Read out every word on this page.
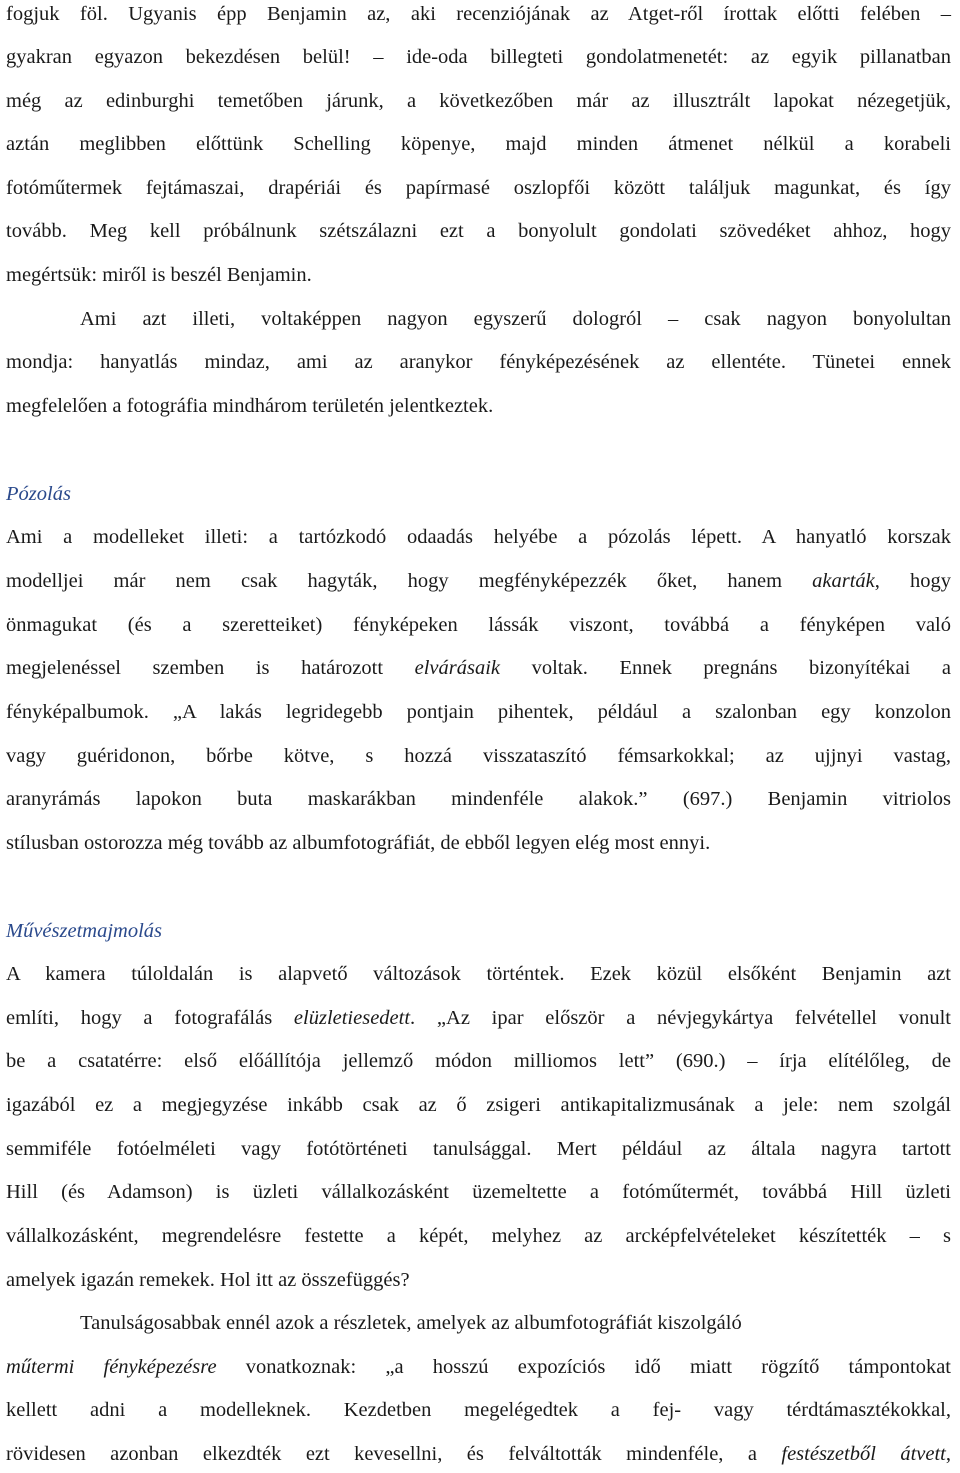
fogjuk föl. Ugyanis épp Benjamin az, aki recenziójának az Atget-ről írottak előtti felében –
gyakran egyazon bekezdésen belül! – ide-oda billegteti gondolatmenetét: az egyik pillanatban
még az edinburghi temetőben járunk, a következőben már az illusztrált lapokat nézegetjük,
aztán meglibben előttünk Schelling köpenye, majd minden átmenet nélkül a korabeli
fotóműtermek fejtámaszai, drapériái és papírmasé oszlopfői között találjuk magunkat, és így
tovább. Meg kell próbálnunk szétszálazni ezt a bonyolult gondolati szövedéket ahhoz, hogy
megértsük: miről is beszél Benjamin.
Ami azt illeti, voltaképpen nagyon egyszerű dologról – csak nagyon bonyolultan
mondja: hanyatlás mindaz, ami az aranykor fényképezésének az ellentéte. Tünetei ennek
megfelelően a fotográfia mindhárom területén jelentkeztek.
Pózolás
Ami a modelleket illeti: a tartózkodó odaadás helyébe a pózolás lépett. A hanyatló korszak
modelljei már nem csak hagyták, hogy megfényképezzék őket, hanem akarták, hogy
önmagukat (és a szeretteiket) fényképeken lássák viszont, továbbá a fényképen való
megjelenéssel szemben is határozott elvárásaik voltak. Ennek pregnáns bizonyítékai a
fényképalbumok. „A lakás legridegebb pontjain pihentek, például a szalonban egy konzolon
vagy guéridonon, bőrbe kötve, s hozzá visszataszító fémsarkokkal; az ujjnyi vastag,
aranyrámás lapokon buta maskarákban mindenféle alakok.” (697.) Benjamin vitriolos
stílusban ostorozza még tovább az albumfotográfiát, de ebből legyen elég most ennyi.
Művészetmajmolás
A kamera túloldalán is alapvető változások történtek. Ezek közül elsőként Benjamin azt
említi, hogy a fotografálás elüzletiesedett. „Az ipar először a névjegykártya felvétellel vonult
be a csatatérre: első előállítója jellemző módon milliomos lett” (690.) – írja elítélőleg, de
igazából ez a megjegyzése inkább csak az ő zsigeri antikapitalizmusának a jele: nem szolgál
semmiféle fotóelméleti vagy fotótörténeti tanulsággal. Mert például az általa nagyra tartott
Hill (és Adamson) is üzleti vállalkozásként üzemeltette a fotóműtermét, továbbá Hill üzleti
vállalkozásként, megrendelésre festette a képét, melyhez az arcképfelvételeket készítették – s
amelyek igazán remekek. Hol itt az összefüggés?
Tanulságosabbak ennél azok a részletek, amelyek az albumfotográfiát kiszolgáló
műtermi fényképezésre vonatkoznak: „a hosszú expozíciós idő miatt rögzítő támpontokat
kellett adni a modelleknek. Kezdetben megelégedtek a fej- vagy térdtámasztékokkal,
rövidesen azonban elkezdték ezt kevesellni, és felváltották mindenféle, a festészetből átvett,
